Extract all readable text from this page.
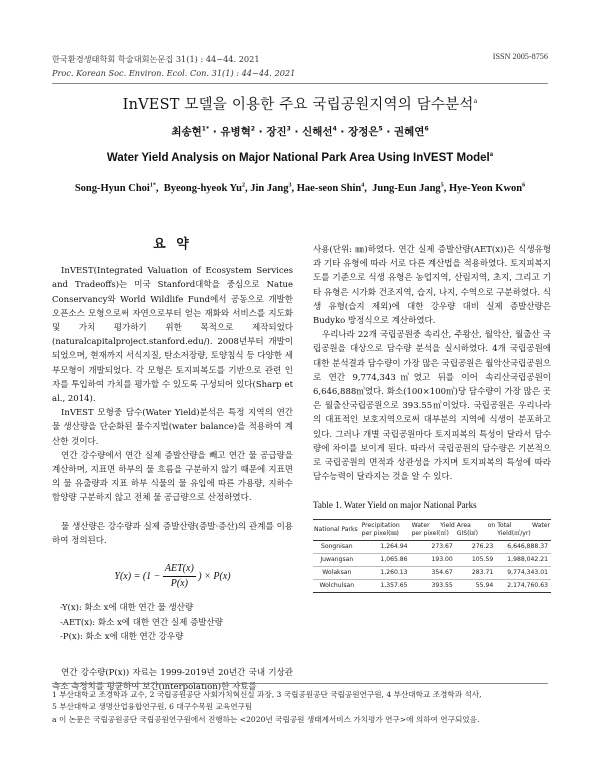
한국환경생태학회 학술대회논문집 31(1) : 44~44. 2021
Proc. Korean Soc. Environ. Ecol. Con. 31(1) : 44~44. 2021
ISSN 2005-8756
InVEST 모델을 이용한 주요 국립공원지역의 담수분석$^a$
최송현$^{1*}$ · 유병혁$^2$ · 장진$^3$ · 신해선$^4$ · 장정은$^5$ · 권혜연$^6$
Water Yield Analysis on Major National Park Area Using InVEST Model$^a$
Song-Hyun Choi$^{1*}$,  Byeong-hyeok Yu$^2$, Jin Jang$^3$, Hae-seon Shin$^4$,  Jung-Eun Jang$^5$, Hye-Yeon Kwon$^6$
요 약

InVEST(Integrated Valuation of Ecosystem Services and Tradeoffs)는 미국 Stanford대학을 중심으로 Natue Conservancy와 World Wildlife Fund에서 공동으로 개발한 오픈소스 모형으로써 자연으로부터 얻는 재화와 서비스를 지도화 및 가치 평가하기 위한 목적으로 제작되었다(naturalcapitalproject.stanford.edu/). 2008년부터 개발이 되었으며, 현재까지 서식지질, 탄소저장량, 토양침식 등 다양한 세부모형이 개발되었다. 각 모형은 토지피복도를 기반으로 관련 인자를 투입하여 가치를 평가할 수 있도록 구성되어 있다(Sharp et al., 2014).

InVEST 모형중 담수(Water Yield)분석은 특정 지역의 연간 물 생산량을 단순화된 물수지법(water balance)을 적용하여 계산한 것이다.

연간 강수량에서 연간 실제 증발산량을 빼고 연간 물 공급량을 계산하며, 지표면 하부의 물 흐름을 구분하지 않기 때문에 지표면의 물 유출량과 지표 하부 식물의 물 유입에 따른 가용량, 지하수 함양량 구분하지 않고 전체 물 공급량으로 산정하였다.

물 생산량은 강수량과 실제 증발산량(증발·증산)의 관계를 이용하여 정의된다.

$Y(x) = (1 - \frac{\text{AET(x)}}{P(x)}$ ) × P(x)

-Y(x): 화소 x에 대한 연간 물 생산량

-AET(x): 화소 x에 대한 연간 실제 증발산량

-P(x): 화소 x에 대한 연간 강우량

연간 강수량(P(x)) 자료는 1999-2019년 20년간 국내 기상관측소 측정치를 평균하여 보간(interpolation)한 자료를

사용(단위: ㎜)하였다. 연간 실제 증발산량(AET(x))은 식생유형과 기타 유형에 따라 서로 다른 계산법을 적용하였다. 토지피복지도를 기준으로 식생 유형은 농업지역, 산림지역, 초지, 그리고 기타 유형은 시가화 건조지역, 습지, 나지, 수역으로 구분하였다. 식생 유형(습지 제외)에 대한 강우량 대비 실제 증발산량은 Budyko 방정식으로 계산하였다.

우리나라 22개 국립공원중 속리산, 주왕산, 월악산, 월출산 국립공원을 대상으로 담수량 분석을 실시하였다. 4개 국립공원에 대한 분석결과 담수량이 가장 많은 국립공원은 월악산국립공원으로 연간 9,774,343㎥였고 뒤를 이어 속리산국립공원이 6,646,888㎥였다. 화소(100×100㎡)당 담수량이 가장 많은 곳은 월출산국립공원으로 393.55㎥이었다. 국립공원은 우리나라의 대표적인 보호지역으로써 대부분의 지역에 식생이 분포하고 있다. 그러나 개별 국립공원마다 토지피복의 특성이 달라서 담수량에 차이를 보이게 된다. 따라서 국립공원의 담수량은 기본적으로 국립공원의 면적과 상관성을 가지며 토지피복의 특성에 따라 담수능력이 달라지는 것을 알 수 있다.

Table 1. Water Yield on major National Parks
National Parks	Precipitation per pixel(㎜)	Water Yield per pixel(㎥)	Area on GIS(㎢)	Total Water Yield(㎥/yr)
Songnisan	1,264.94	273.67	276.23	6,646,888.37
Juwangsan	1,065.86	193.00	105.59	1,988,042.21
Wolaksan	1,260.13	354.67	283.71	9,774,343.01
Wolchulsan	1,357.65	393.55	55.94	2,174,760.63
1 부산대학교 조경학과 교수, 2 국립공원공단 사회가치혁신실 과장, 3 국립공원공단 국립공원연구원, 4 부산대학교 조경학과 석사,
5 부산대학교 생명산업융합연구원, 6 대구수목원 교육연구팀
a 이 논문은 국립공원공단 국립공원연구원에서 진행하는 <2020년 국립공원 생태계서비스 가치평가 연구>에 의하여 연구되었음.
